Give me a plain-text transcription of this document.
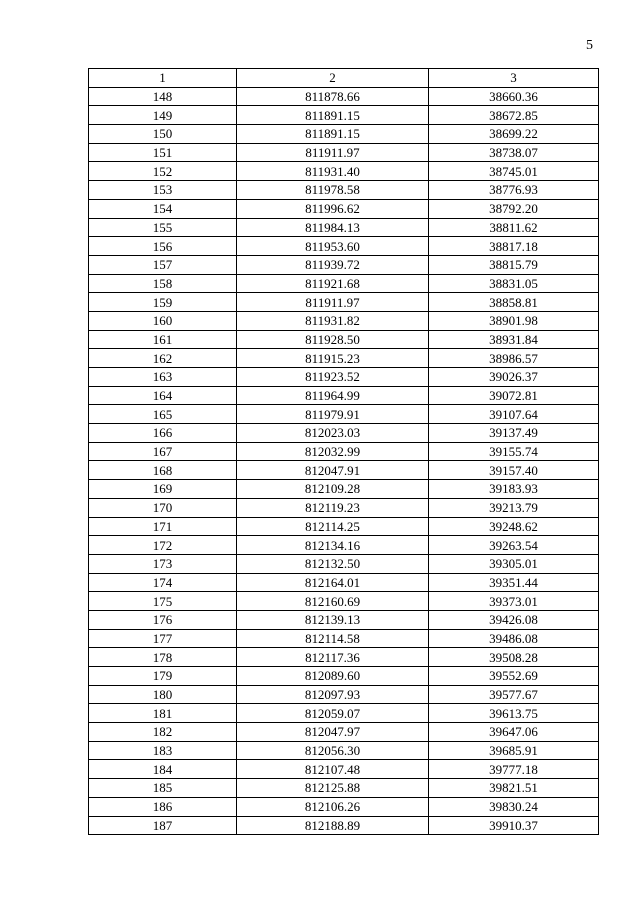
5
1	2	3
148	811878.66	38660.36
149	811891.15	38672.85
150	811891.15	38699.22
151	811911.97	38738.07
152	811931.40	38745.01
153	811978.58	38776.93
154	811996.62	38792.20
155	811984.13	38811.62
156	811953.60	38817.18
157	811939.72	38815.79
158	811921.68	38831.05
159	811911.97	38858.81
160	811931.82	38901.98
161	811928.50	38931.84
162	811915.23	38986.57
163	811923.52	39026.37
164	811964.99	39072.81
165	811979.91	39107.64
166	812023.03	39137.49
167	812032.99	39155.74
168	812047.91	39157.40
169	812109.28	39183.93
170	812119.23	39213.79
171	812114.25	39248.62
172	812134.16	39263.54
173	812132.50	39305.01
174	812164.01	39351.44
175	812160.69	39373.01
176	812139.13	39426.08
177	812114.58	39486.08
178	812117.36	39508.28
179	812089.60	39552.69
180	812097.93	39577.67
181	812059.07	39613.75
182	812047.97	39647.06
183	812056.30	39685.91
184	812107.48	39777.18
185	812125.88	39821.51
186	812106.26	39830.24
187	812188.89	39910.37
